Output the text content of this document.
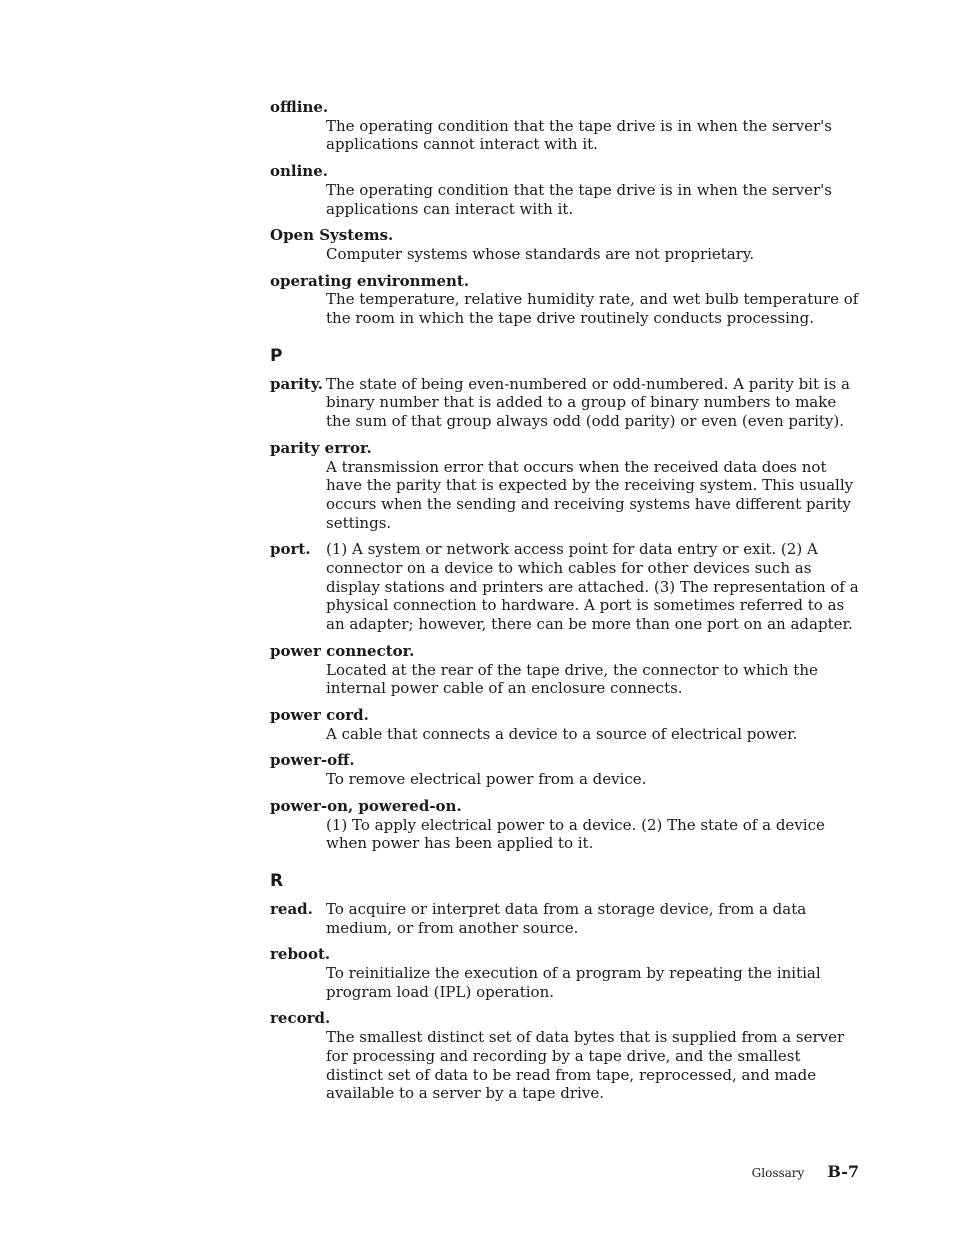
offline.
The operating condition that the tape drive is in when the server's applications cannot interact with it.
online.
The operating condition that the tape drive is in when the server's applications can interact with it.
Open Systems.
Computer systems whose standards are not proprietary.
operating environment.
The temperature, relative humidity rate, and wet bulb temperature of the room in which the tape drive routinely conducts processing.
P
parity. The state of being even-numbered or odd-numbered. A parity bit is a binary number that is added to a group of binary numbers to make the sum of that group always odd (odd parity) or even (even parity).
parity error.
A transmission error that occurs when the received data does not have the parity that is expected by the receiving system. This usually occurs when the sending and receiving systems have different parity settings.
port.	(1) A system or network access point for data entry or exit. (2) A connector on a device to which cables for other devices such as display stations and printers are attached. (3) The representation of a physical connection to hardware. A port is sometimes referred to as an adapter; however, there can be more than one port on an adapter.
power connector.
Located at the rear of the tape drive, the connector to which the internal power cable of an enclosure connects.
power cord.
A cable that connects a device to a source of electrical power.
power-off.
To remove electrical power from a device.
power-on, powered-on.
(1) To apply electrical power to a device. (2) The state of a device when power has been applied to it.
R
read. To acquire or interpret data from a storage device, from a data medium, or from another source.
reboot.
To reinitialize the execution of a program by repeating the initial program load (IPL) operation.
record.
The smallest distinct set of data bytes that is supplied from a server for processing and recording by a tape drive, and the smallest distinct set of data to be read from tape, reprocessed, and made available to a server by a tape drive.
Glossary B-7
